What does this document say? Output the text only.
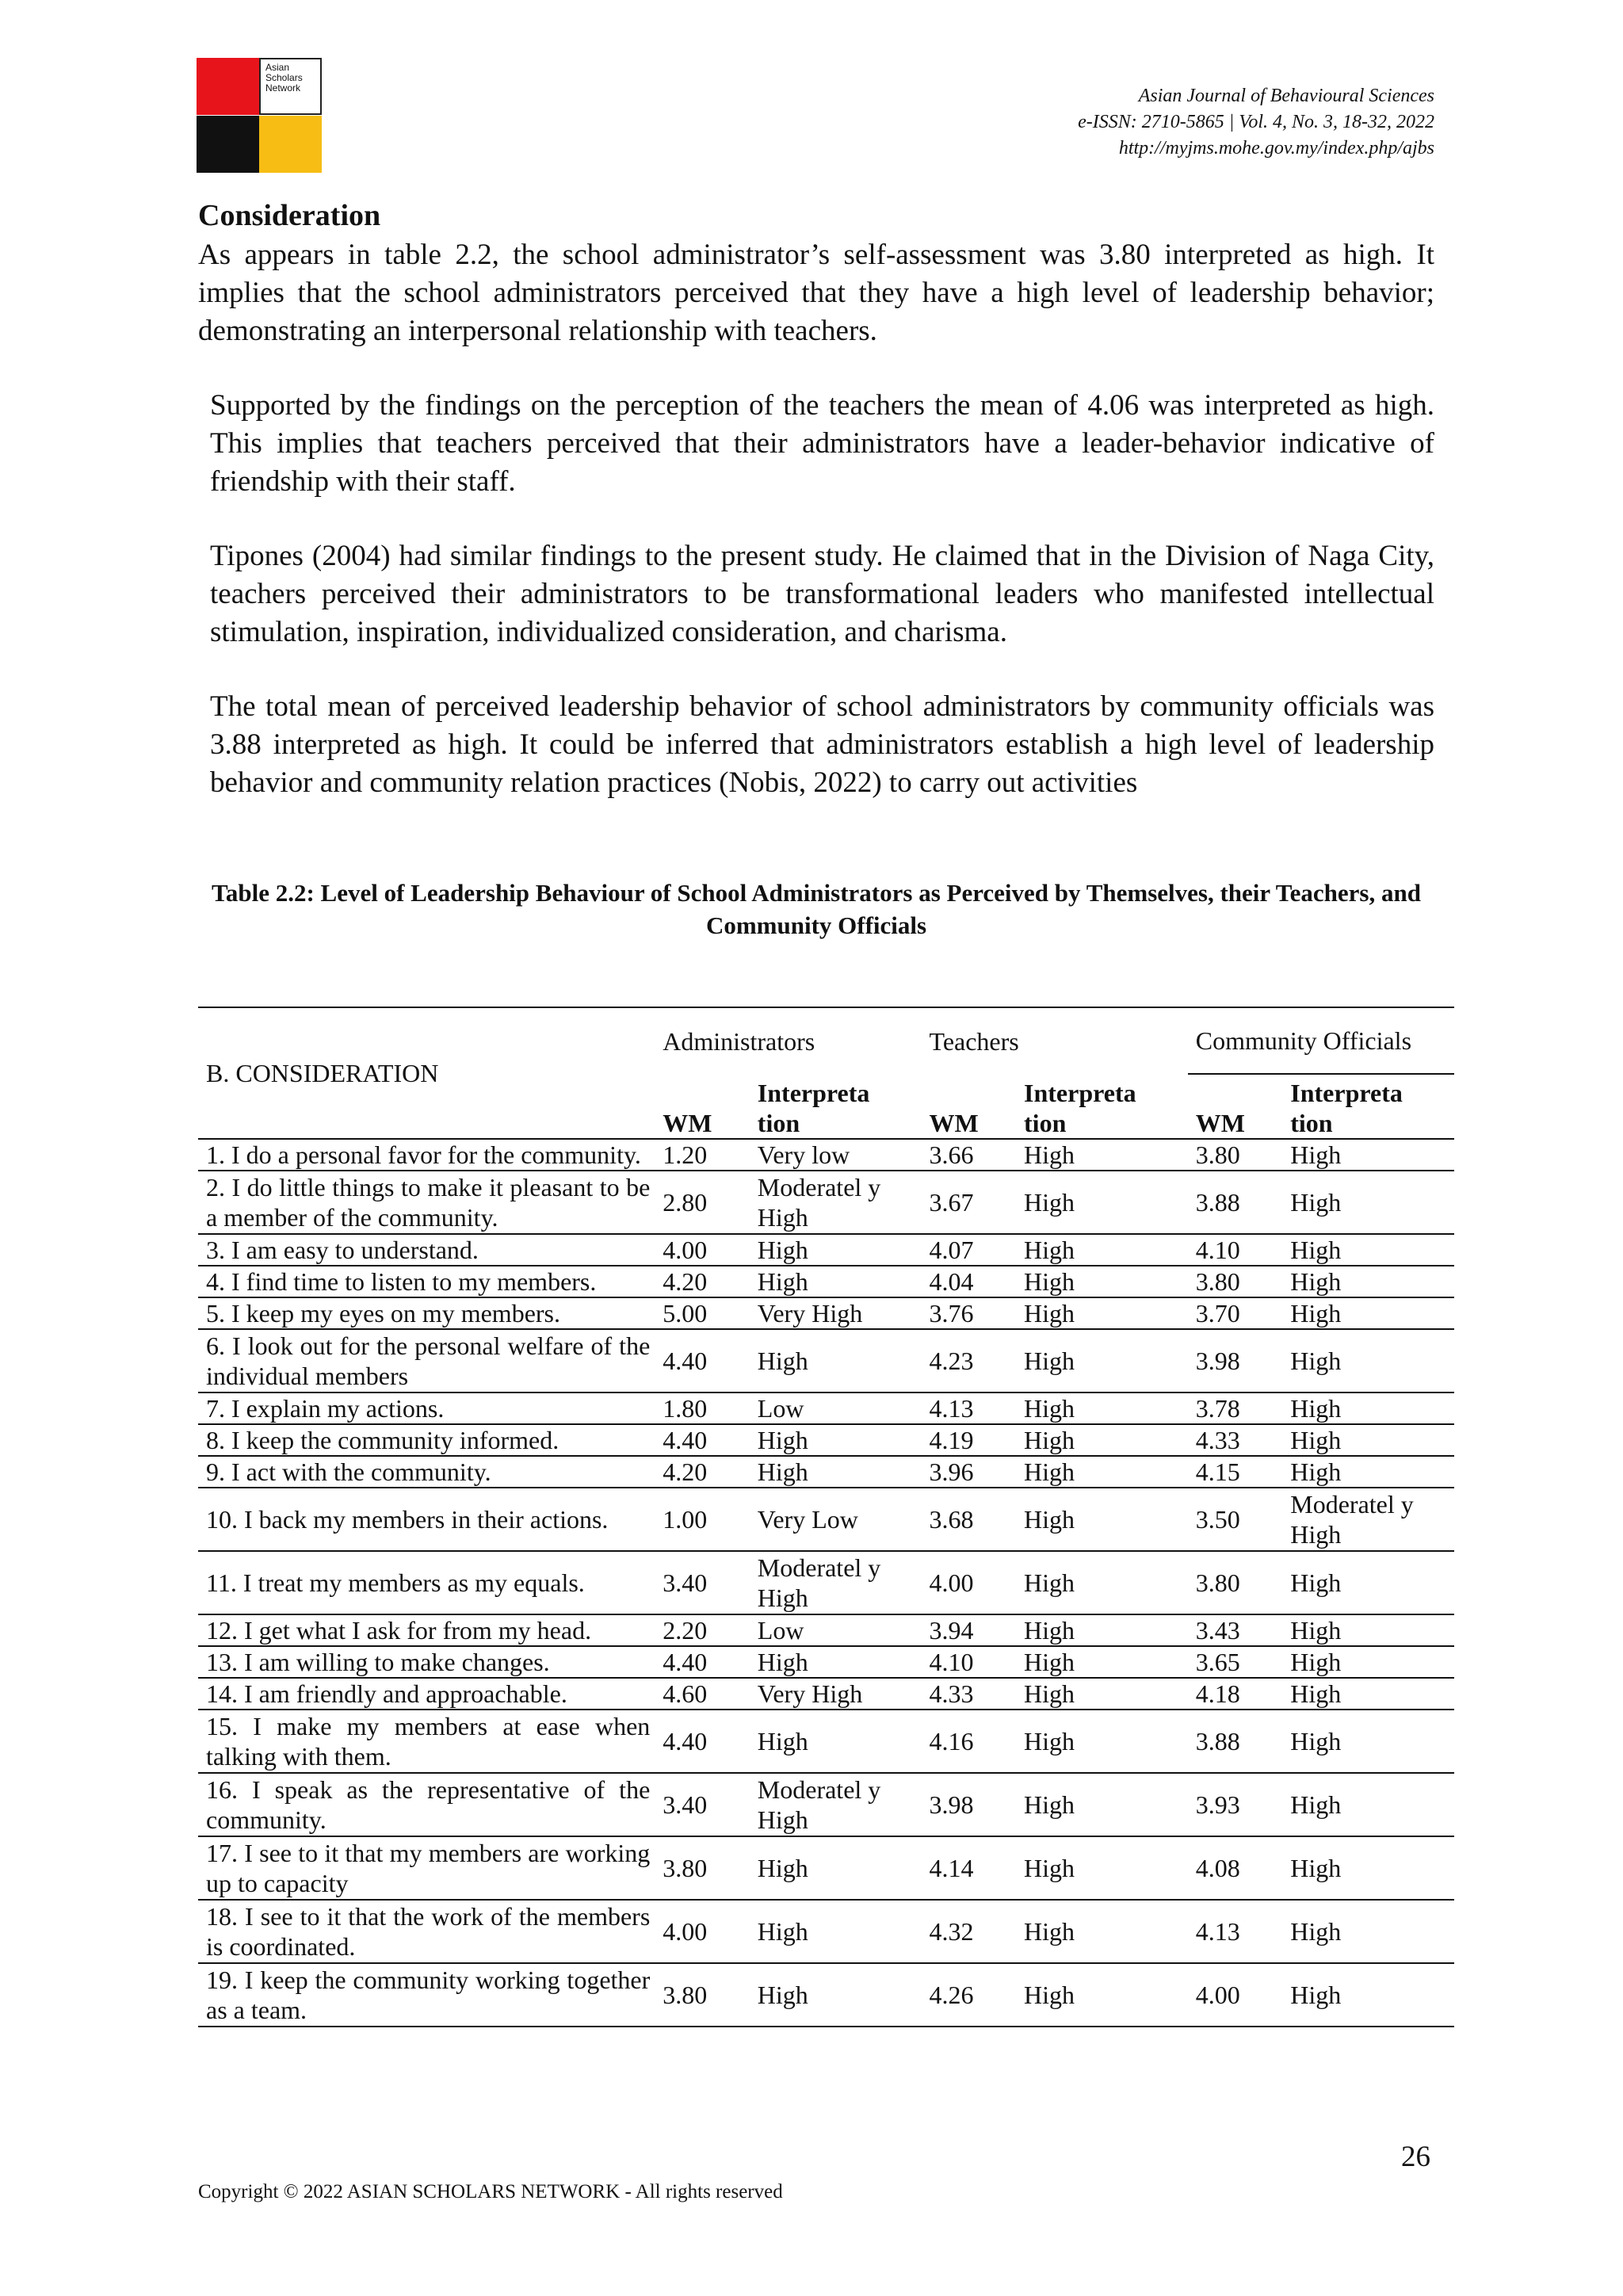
Asian Scholars Network	Asian Journal of Behavioural Sciences
e-ISSN: 2710-5865 | Vol. 4, No. 3, 18-32, 2022
http://myjms.mohe.gov.my/index.php/ajbs
Consideration

As appears in table 2.2, the school administrator’s self-assessment was 3.80 interpreted as high. It implies that the school administrators perceived that they have a high level of leadership behavior; demonstrating an interpersonal relationship with teachers.

Supported by the findings on the perception of the teachers the mean of 4.06 was interpreted as high. This implies that teachers perceived that their administrators have a leader-behavior indicative of friendship with their staff.

Tipones (2004) had similar findings to the present study. He claimed that in the Division of Naga City, teachers perceived their administrators to be transformational leaders who manifested intellectual stimulation, inspiration, individualized consideration, and charisma.

The total mean of perceived leadership behavior of school administrators by community officials was 3.88 interpreted as high. It could be inferred that administrators establish a high level of leadership behavior and community relation practices (Nobis, 2022) to carry out activities

Table 2.2: Level of Leadership Behaviour of School Administrators as Perceived by Themselves, their Teachers, and Community Officials

B. CONSIDERATION	Administrators		Teachers		Community Officials	
	WM	Interpreta tion	WM	Interpreta tion	WM	Interpreta tion
1. I do a personal favor for the community.	1.20	Very low	3.66	High	3.80	High
2. I do little things to make it pleasant to be a member of the community.	2.80	Moderatel y High	3.67	High	3.88	High
3. I am easy to understand.	4.00	High	4.07	High	4.10	High
4. I find time to listen to my members.	4.20	High	4.04	High	3.80	High
5. I keep my eyes on my members.	5.00	Very High	3.76	High	3.70	High
6. I look out for the personal welfare of the individual members	4.40	High	4.23	High	3.98	High
7. I explain my actions.	1.80	Low	4.13	High	3.78	High
8. I keep the community informed.	4.40	High	4.19	High	4.33	High
9. I act with the community.	4.20	High	3.96	High	4.15	High
10. I back my members in their actions.	1.00	Very Low	3.68	High	3.50	Moderatel y High
11. I treat my members as my equals.	3.40	Moderatel y High	4.00	High	3.80	High
12. I get what I ask for from my head.	2.20	Low	3.94	High	3.43	High
13. I am willing to make changes.	4.40	High	4.10	High	3.65	High
14. I am friendly and approachable.	4.60	Very High	4.33	High	4.18	High
15. I make my members at ease when talking with them.	4.40	High	4.16	High	3.88	High
16. I speak as the representative of the community.	3.40	Moderatel y High	3.98	High	3.93	High
17. I see to it that my members are working up to capacity	3.80	High	4.14	High	4.08	High
18. I see to it that the work of the members is coordinated.	4.00	High	4.32	High	4.13	High
19. I keep the community working together as a team.	3.80	High	4.26	High	4.00	High
26
Copyright © 2022 ASIAN SCHOLARS NETWORK - All rights reserved
